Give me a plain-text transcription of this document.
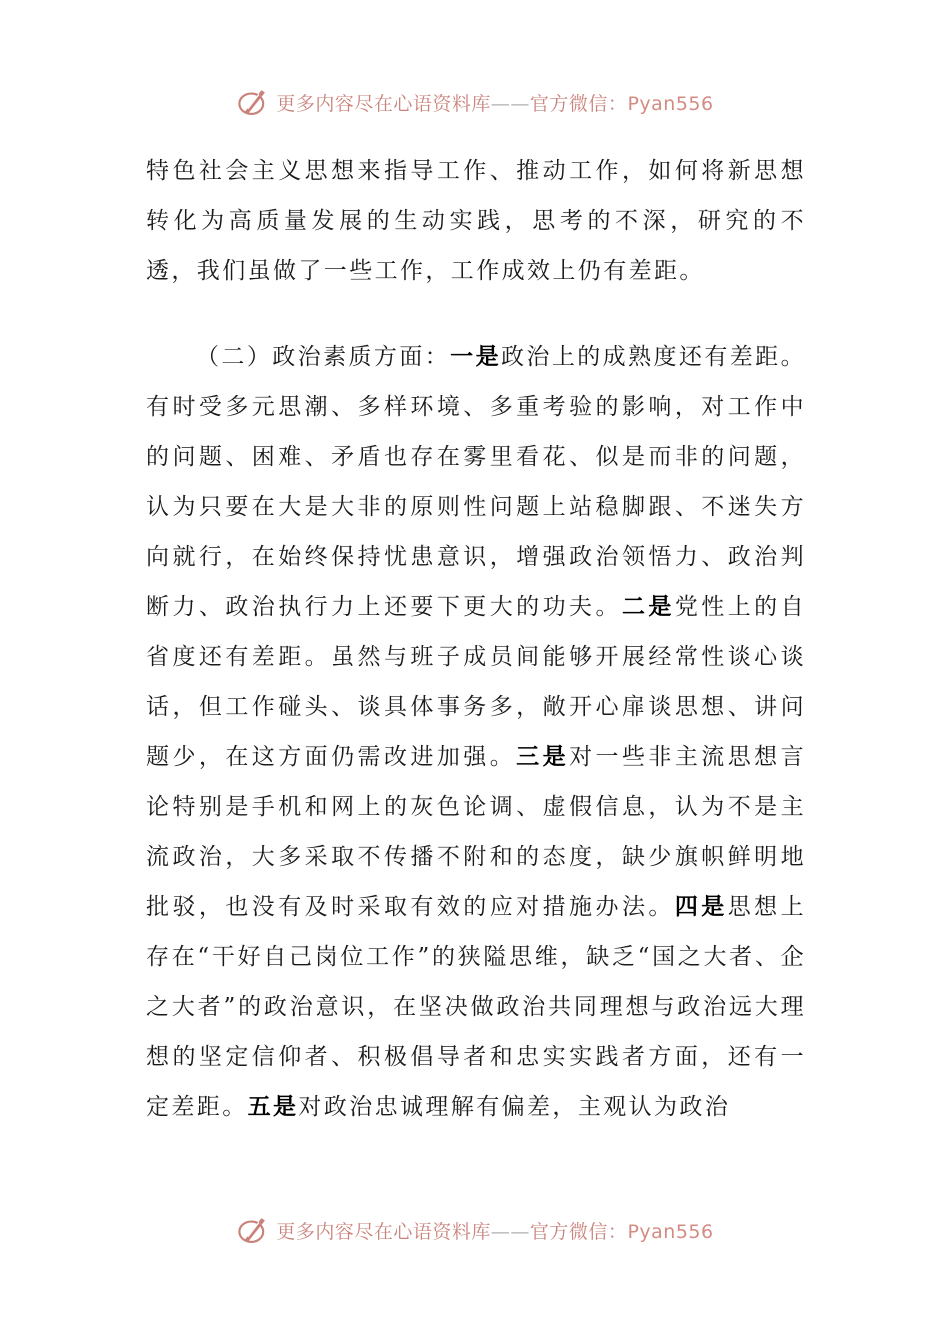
更多内容尽在心语资料库——官方微信：Pyan556

特色社会主义思想来指导工作、推动工作，如何将新思想转化为高质量发展的生动实践，思考的不深，研究的不透，我们虽做了一些工作，工作成效上仍有差距。

（二）政治素质方面：一是政治上的成熟度还有差距。有时受多元思潮、多样环境、多重考验的影响，对工作中的问题、困难、矛盾也存在雾里看花、似是而非的问题，认为只要在大是大非的原则性问题上站稳脚跟、不迷失方向就行，在始终保持忧患意识，增强政治领悟力、政治判断力、政治执行力上还要下更大的功夫。二是党性上的自省度还有差距。虽然与班子成员间能够开展经常性谈心谈话，但工作碰头、谈具体事务多，敞开心扉谈思想、讲问题少，在这方面仍需改进加强。三是对一些非主流思想言论特别是手机和网上的灰色论调、虚假信息，认为不是主流政治，大多采取不传播不附和的态度，缺少旗帜鲜明地批驳，也没有及时采取有效的应对措施办法。四是思想上存在“干好自己岗位工作”的狭隘思维，缺乏“国之大者、企之大者”的政治意识，在坚决做政治共同理想与政治远大理想的坚定信仰者、积极倡导者和忠实实践者方面，还有一定差距。五是对政治忠诚理解有偏差，主观认为政治

更多内容尽在心语资料库——官方微信：Pyan556
